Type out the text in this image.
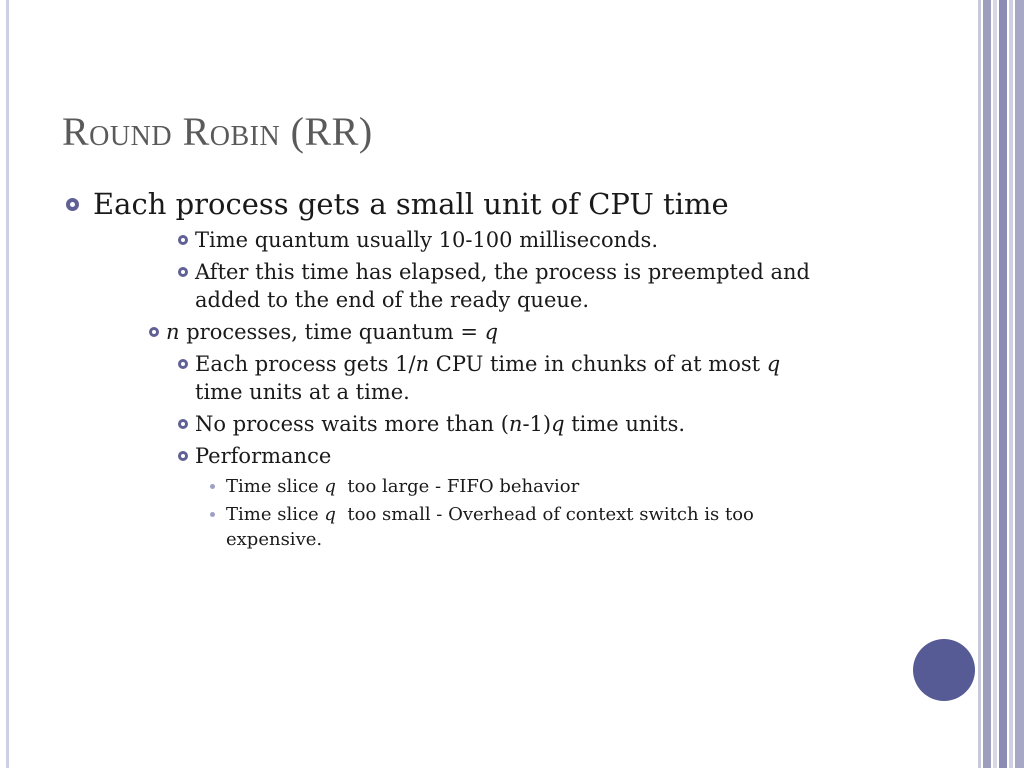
Round Robin (RR)
Each process gets a small unit of CPU time
Time quantum usually 10-100 milliseconds.
After this time has elapsed, the process is preempted and
added to the end of the ready queue.
n processes, time quantum = q
Each process gets 1/n CPU time in chunks of at most q
time units at a time.
No process waits more than (n-1)q time units.
Performance
Time slice q  too large - FIFO behavior
Time slice q  too small - Overhead of context switch is too
expensive.
